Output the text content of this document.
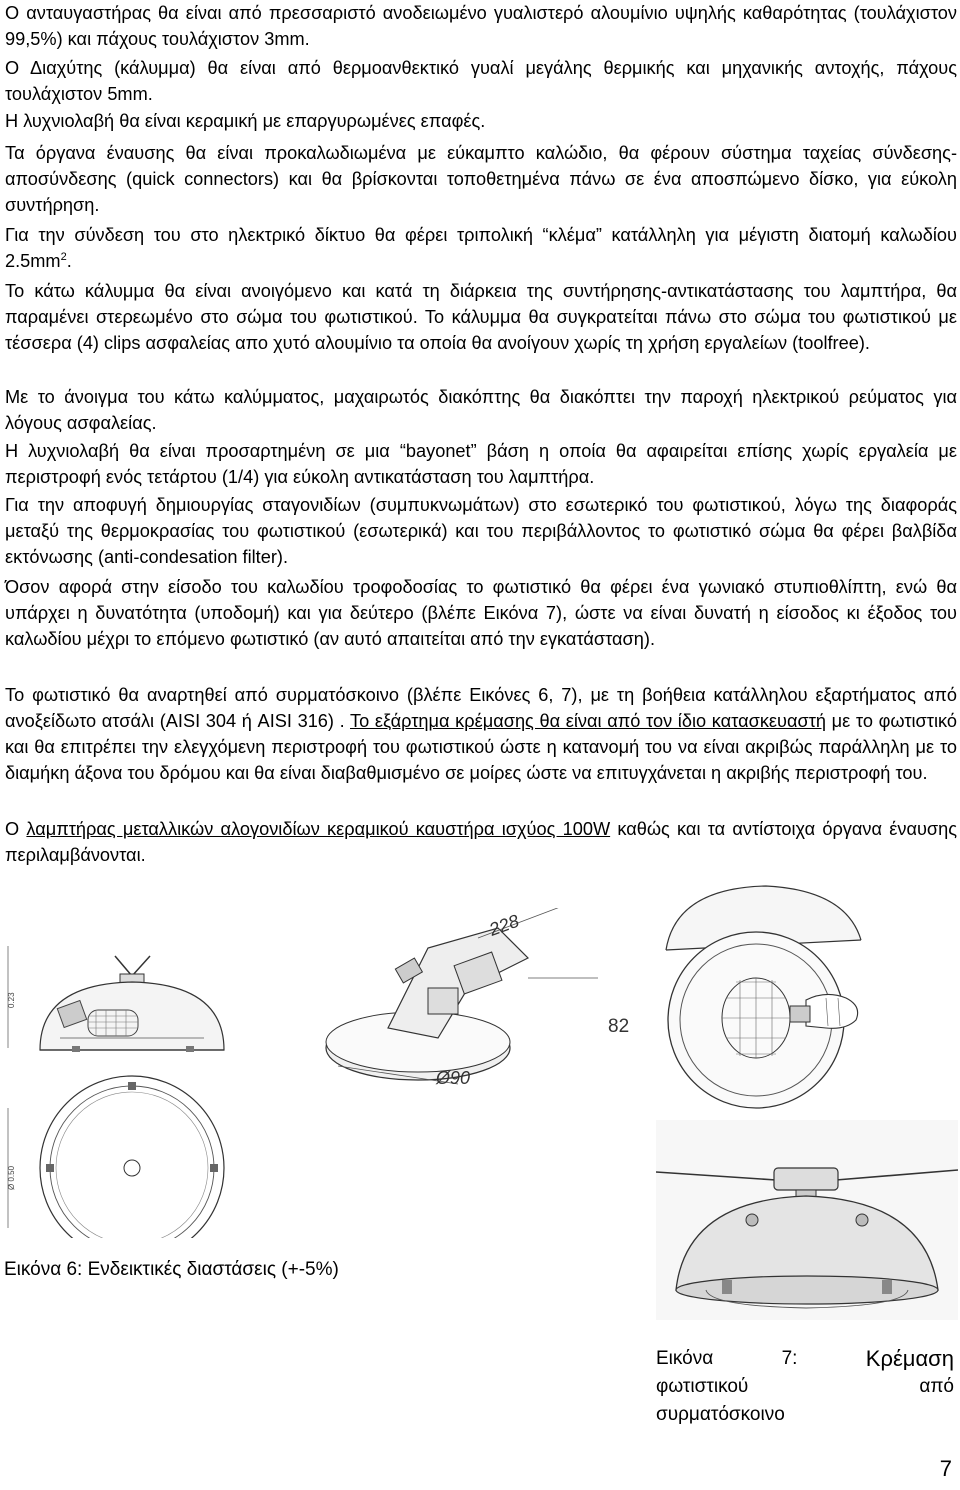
Ο ανταυγαστήρας θα είναι από πρεσσαριστό ανοδειωμένο γυαλιστερό αλουμίνιο υψηλής καθαρότητας (τουλάχιστον 99,5%) και πάχους τουλάχιστον 3mm.

Ο Διαχύτης (κάλυμμα) θα είναι από θερμοανθεκτικό γυαλί μεγάλης θερμικής και μηχανικής αντοχής, πάχους τουλάχιστον 5mm.

Η λυχνιολαβή θα είναι κεραμική με επαργυρωμένες επαφές.

Τα όργανα έναυσης θα είναι προκαλωδιωμένα με εύκαμπτο καλώδιο, θα φέρουν σύστημα ταχείας σύνδεσης-αποσύνδεσης (quick connectors) και θα βρίσκονται τοποθετημένα πάνω σε ένα αποσπώμενο δίσκο, για εύκολη συντήρηση.

Για την σύνδεση του στο ηλεκτρικό δίκτυο θα φέρει τριπολική “κλέμα” κατάλληλη για μέγιστη διατομή καλωδίου $2.5mm^2$.

Το κάτω κάλυμμα θα είναι ανοιγόμενο και κατά τη διάρκεια της συντήρησης-αντικατάστασης του λαμπτήρα, θα παραμένει στερεωμένο στο σώμα του φωτιστικού. Το κάλυμμα θα συγκρατείται πάνω στο σώμα του φωτιστικού με τέσσερα (4) clips ασφαλείας απο χυτό αλουμίνιο τα οποία θα ανοίγουν χωρίς τη χρήση εργαλείων (toolfree).

Με το άνοιγμα του κάτω καλύμματος, μαχαιρωτός διακόπτης θα διακόπτει την παροχή ηλεκτρικού ρεύματος για λόγους ασφαλείας.

Η λυχνιολαβή θα είναι προσαρτημένη σε μια “bayonet” βάση η οποία θα αφαιρείται επίσης χωρίς εργαλεία με περιστροφή ενός τετάρτου (1/4) για εύκολη αντικατάσταση του λαμπτήρα.

Για την αποφυγή δημιουργίας σταγονιδίων (συμπυκνωμάτων) στο εσωτερικό του φωτιστικού, λόγω της διαφοράς μεταξύ της θερμοκρασίας του φωτιστικού (εσωτερικά) και του περιβάλλοντος το φωτιστικό σώμα θα φέρει βαλβίδα εκτόνωσης (anti-condesation filter).

Όσον αφορά στην είσοδο του καλωδίου τροφοδοσίας το φωτιστικό θα φέρει ένα γωνιακό στυπιοθλίπτη, ενώ θα υπάρχει η δυνατότητα (υποδομή) και για δεύτερο (βλέπε Εικόνα 7), ώστε να είναι δυνατή η είσοδος κι έξοδος του καλωδίου μέχρι το επόμενο φωτιστικό (αν αυτό απαιτείται από την εγκατάσταση).

Το φωτιστικό θα αναρτηθεί από συρματόσκοινο (βλέπε Εικόνες 6, 7), με τη βοήθεια κατάλληλου εξαρτήματος από ανοξείδωτο ατσάλι (AISI 304 ή AISI 316) . Το εξάρτημα κρέμασης θα είναι από τον ίδιο κατασκευαστή με το φωτιστικό και θα επιτρέπει την ελεγχόμενη περιστροφή του φωτιστικού ώστε η κατανομή του να είναι ακριβώς παράλληλη με το διαμήκη άξονα του δρόμου και θα είναι διαβαθμισμένο σε μοίρες ώστε να επιτυγχάνεται η ακριβής περιστροφή του.

Ο λαμπτήρας μεταλλικών αλογονιδίων κεραμικού καυστήρα ισχύος 100W καθώς και τα αντίστοιχα όργανα έναυσης περιλαμβάνονται.

0.23
Ø 0.50
228
82
Ø90
Εικόνα 6: Ενδεικτικές διαστάσεις (+-5%)
Εικόνα	7:	Κρέμαση
φωτιστικού	από
συρματόσκοινο
7
